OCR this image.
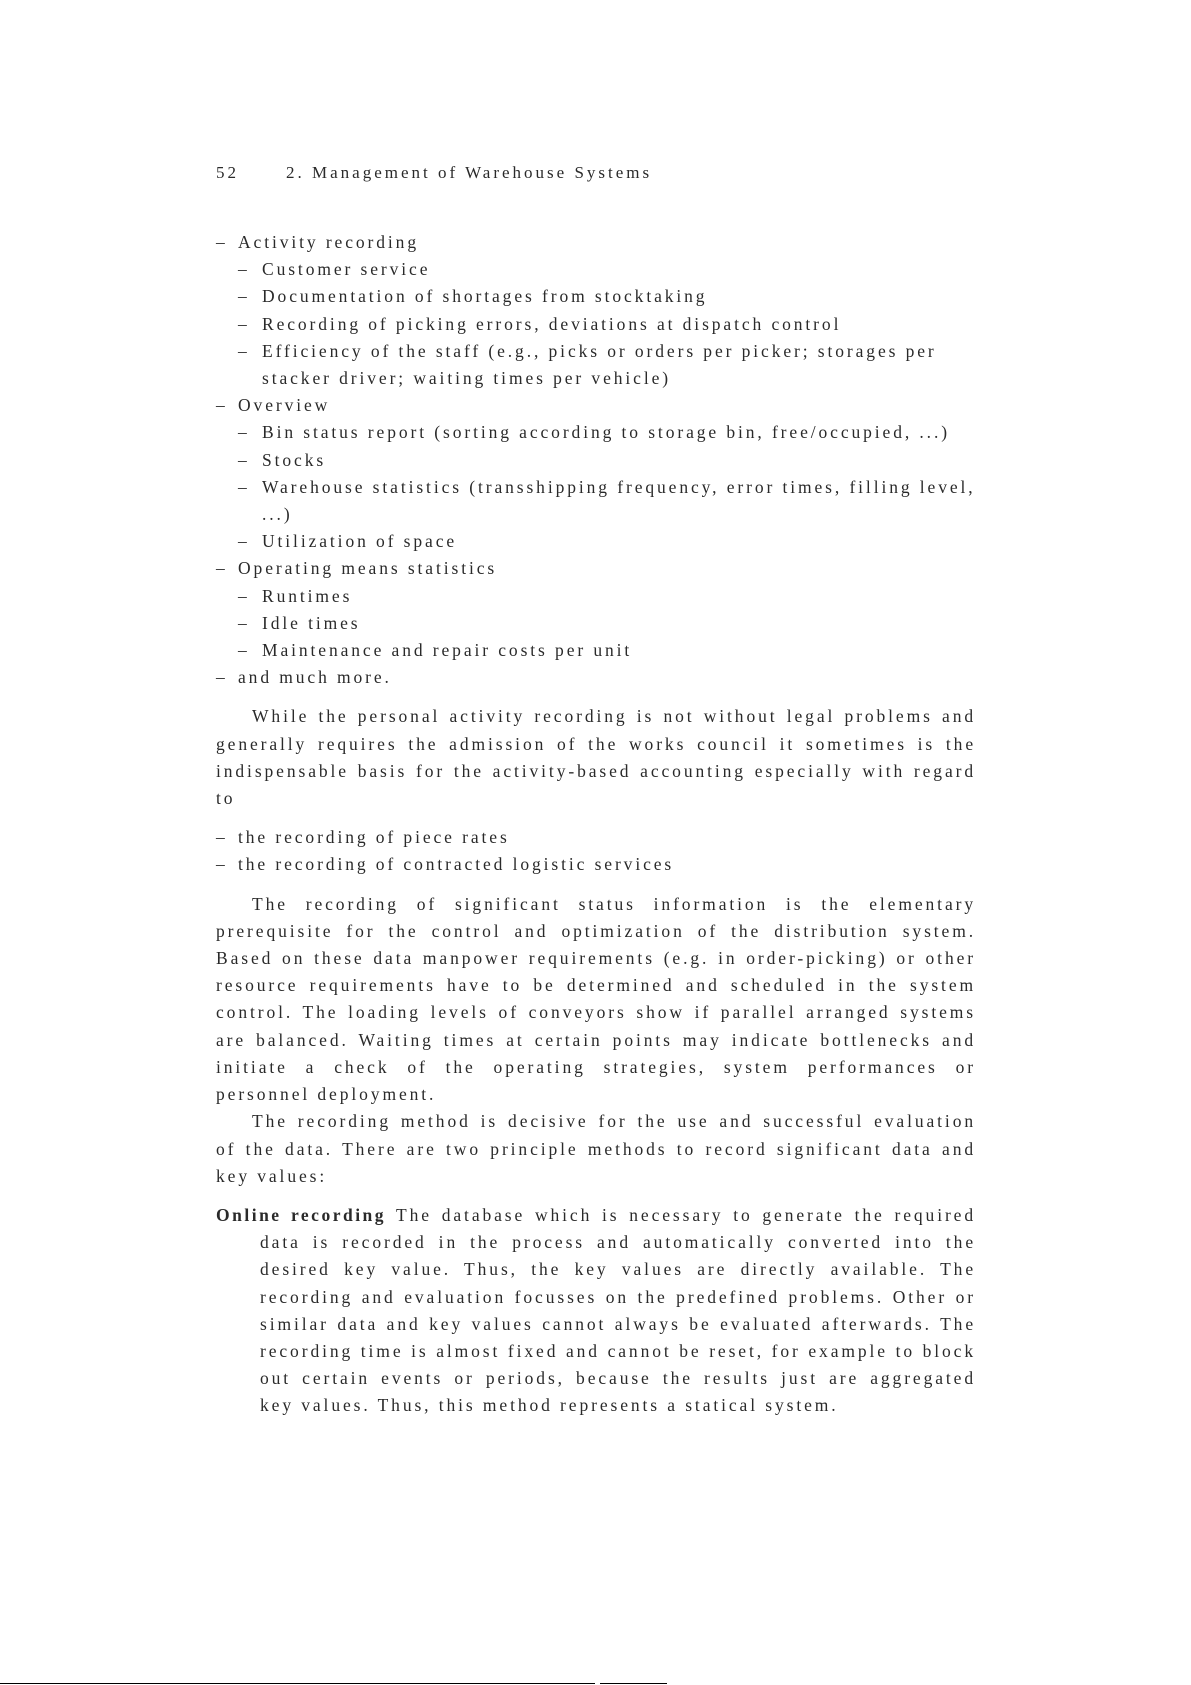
52	2. Management of Warehouse Systems
– Activity recording
– Customer service
– Documentation of shortages from stocktaking
– Recording of picking errors, deviations at dispatch control
– Efficiency of the staff (e.g., picks or orders per picker; storages per stacker driver; waiting times per vehicle)
– Overview
– Bin status report (sorting according to storage bin, free/occupied, ...)
– Stocks
– Warehouse statistics (transshipping frequency, error times, filling level, ...)
– Utilization of space
– Operating means statistics
– Runtimes
– Idle times
– Maintenance and repair costs per unit
– and much more.

While the personal activity recording is not without legal problems and generally requires the admission of the works council it sometimes is the indispensable basis for the activity-based accounting especially with regard to

– the recording of piece rates
– the recording of contracted logistic services

The recording of significant status information is the elementary prerequisite for the control and optimization of the distribution system. Based on these data manpower requirements (e.g. in order-picking) or other resource requirements have to be determined and scheduled in the system control. The loading levels of conveyors show if parallel arranged systems are balanced. Waiting times at certain points may indicate bottlenecks and initiate a check of the operating strategies, system performances or personnel deployment.

The recording method is decisive for the use and successful evaluation of the data. There are two principle methods to record significant data and key values:

Online recording The database which is necessary to generate the required data is recorded in the process and automatically converted into the desired key value. Thus, the key values are directly available. The recording and evaluation focusses on the predefined problems. Other or similar data and key values cannot always be evaluated afterwards. The recording time is almost fixed and cannot be reset, for example to block out certain events or periods, because the results just are aggregated key values. Thus, this method represents a statical system.
